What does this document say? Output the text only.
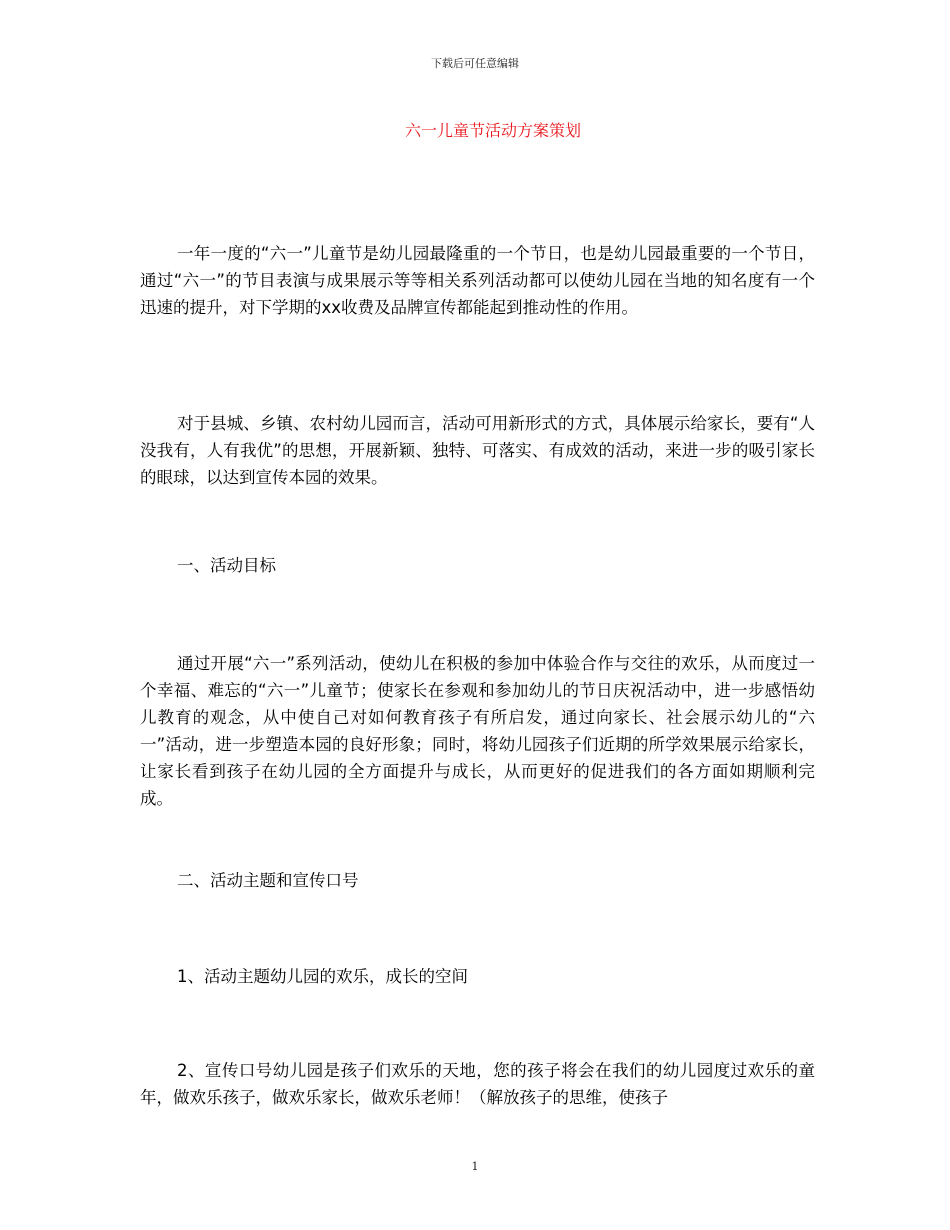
下载后可任意编辑
六一儿童节活动方案策划

一年一度的“六一”儿童节是幼儿园最隆重的一个节日，也是幼儿园最重要的一个节日，通过“六一”的节目表演与成果展示等等相关系列活动都可以使幼儿园在当地的知名度有一个迅速的提升，对下学期的xx收费及品牌宣传都能起到推动性的作用。

对于县城、乡镇、农村幼儿园而言，活动可用新形式的方式，具体展示给家长，要有“人没我有，人有我优”的思想，开展新颖、独特、可落实、有成效的活动，来进一步的吸引家长的眼球，以达到宣传本园的效果。

一、活动目标

通过开展“六一”系列活动，使幼儿在积极的参加中体验合作与交往的欢乐，从而度过一个幸福、难忘的“六一”儿童节；使家长在参观和参加幼儿的节日庆祝活动中，进一步感悟幼儿教育的观念，从中使自己对如何教育孩子有所启发，通过向家长、社会展示幼儿的“六一”活动，进一步塑造本园的良好形象；同时，将幼儿园孩子们近期的所学效果展示给家长，让家长看到孩子在幼儿园的全方面提升与成长，从而更好的促进我们的各方面如期顺利完成。

二、活动主题和宣传口号

1、活动主题幼儿园的欢乐，成长的空间

2、宣传口号幼儿园是孩子们欢乐的天地，您的孩子将会在我们的幼儿园度过欢乐的童年，做欢乐孩子，做欢乐家长，做欢乐老师！（解放孩子的思维，使孩子

1
